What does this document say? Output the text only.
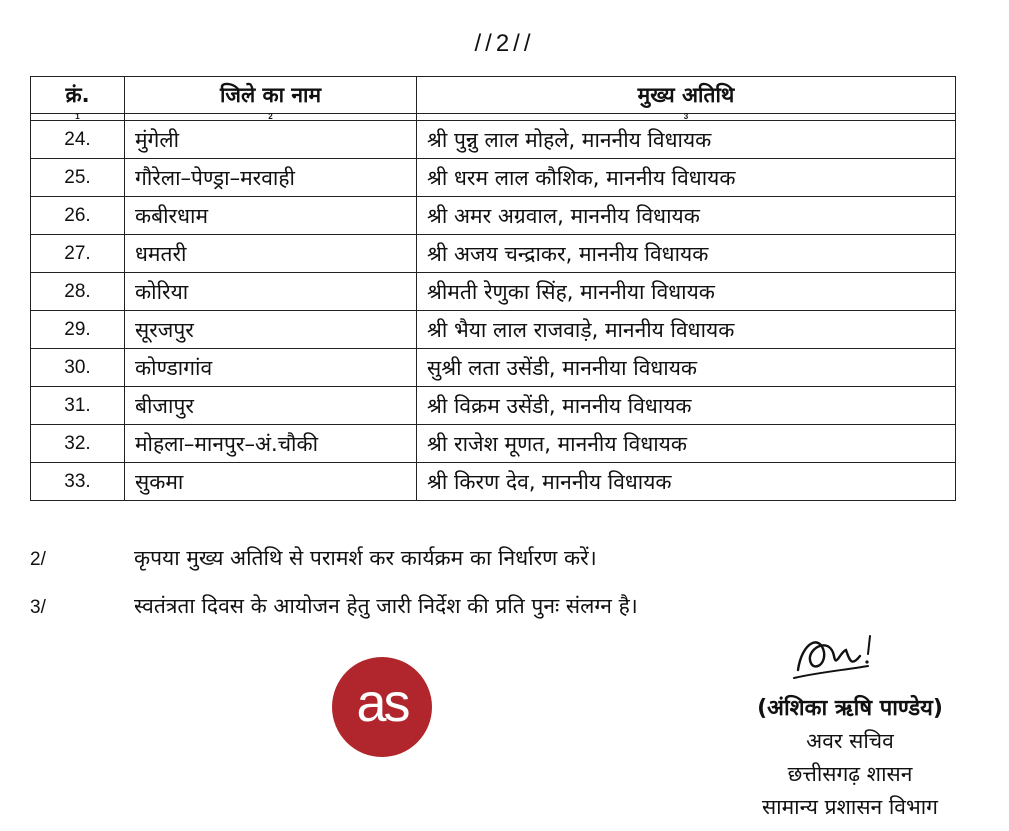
//2//
क्रं.	जिले का नाम	मुख्य अतिथि
1	2	3
24.	मुंगेली	श्री पुन्नु लाल मोहले, माननीय विधायक
25.	गौरेला–पेण्ड्रा–मरवाही	श्री धरम लाल कौशिक, माननीय विधायक
26.	कबीरधाम	श्री अमर अग्रवाल, माननीय विधायक
27.	धमतरी	श्री अजय चन्द्राकर, माननीय विधायक
28.	कोरिया	श्रीमती रेणुका सिंह, माननीया विधायक
29.	सूरजपुर	श्री भैया लाल राजवाड़े, माननीय विधायक
30.	कोण्डागांव	सुश्री लता उसेंडी, माननीया विधायक
31.	बीजापुर	श्री विक्रम उसेंडी, माननीय विधायक
32.	मोहला–मानपुर–अं.चौकी	श्री राजेश मूणत, माननीय विधायक
33.	सुकमा	श्री किरण देव, माननीय विधायक
2/	कृपया मुख्य अतिथि से परामर्श कर कार्यक्रम का निर्धारण करें।
3/	स्वतंत्रता दिवस के आयोजन हेतु जारी निर्देश की प्रति पुनः संलग्न है।
as	(अंशिका ऋषि पाण्डेय)
अवर सचिव
छत्तीसगढ़ शासन
सामान्य प्रशासन विभाग
